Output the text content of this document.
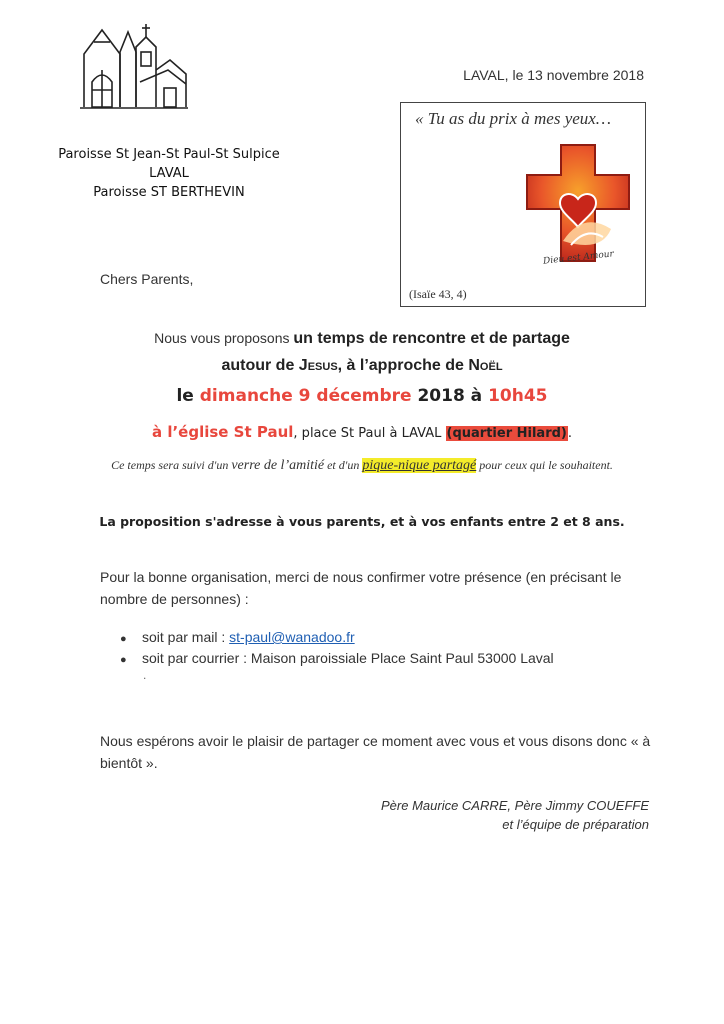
LAVAL, le 13 novembre 2018
Paroisse St Jean-St Paul-St Sulpice
LAVAL
Paroisse ST BERTHEVIN
« Tu as du prix à mes yeux…
Dieu est Amour
(Isaïe 43, 4)
Chers Parents,
Nous vous proposons un temps de rencontre et de partage
autour de Jesus, à l’approche de Noël
le dimanche 9 décembre 2018 à 10h45
à l’église St Paul, place St Paul à LAVAL (quartier Hilard).
Ce temps sera suivi d'un verre de l’amitié et d'un pique-nique partagé pour ceux qui le souhaitent.
La proposition s'adresse à vous parents, et à vos enfants entre 2 et 8 ans.
Pour la bonne organisation, merci de nous confirmer votre présence (en précisant le nombre de personnes) :
●	soit par mail : st-paul@wanadoo.fr
●	soit par courrier : Maison paroissiale Place Saint Paul 53000 Laval
.
Nous espérons avoir le plaisir de partager ce moment avec vous et vous disons donc « à bientôt ».
Père Maurice CARRE, Père Jimmy COUEFFE
et l’équipe de préparation
